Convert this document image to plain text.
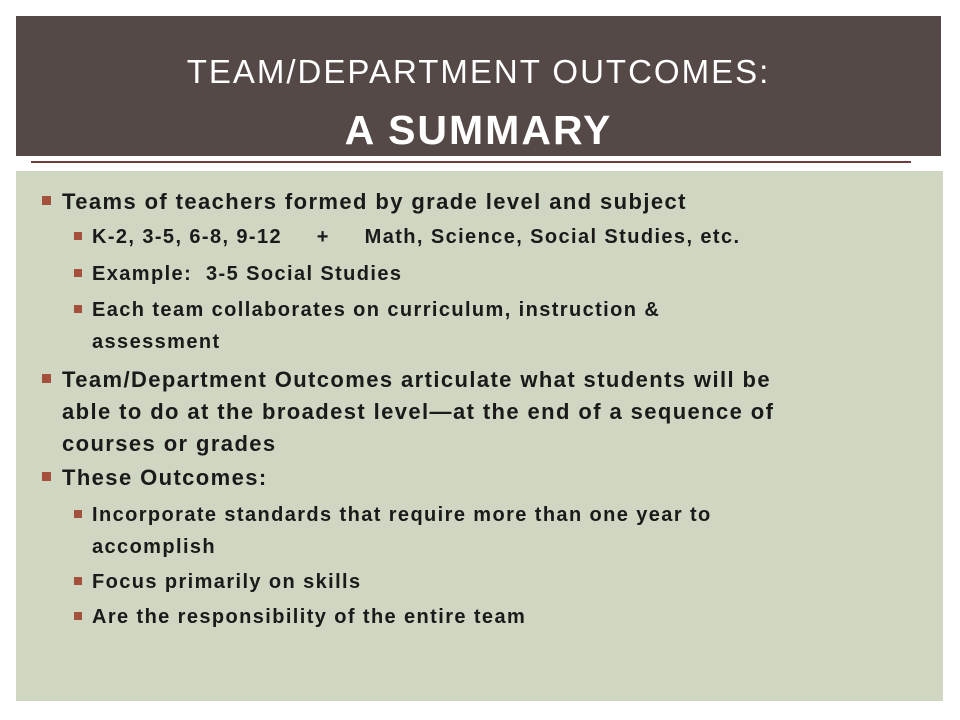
TEAM/DEPARTMENT OUTCOMES:
A SUMMARY
Teams of teachers formed by grade level and subject
K-2, 3-5, 6-8, 9-12     +     Math, Science, Social Studies, etc.
Example:  3-5 Social Studies
Each team collaborates on curriculum, instruction &
assessment
Team/Department Outcomes articulate what students will be
able to do at the broadest level—at the end of a sequence of
courses or grades
These Outcomes:
Incorporate standards that require more than one year to
accomplish
Focus primarily on skills
Are the responsibility of the entire team
